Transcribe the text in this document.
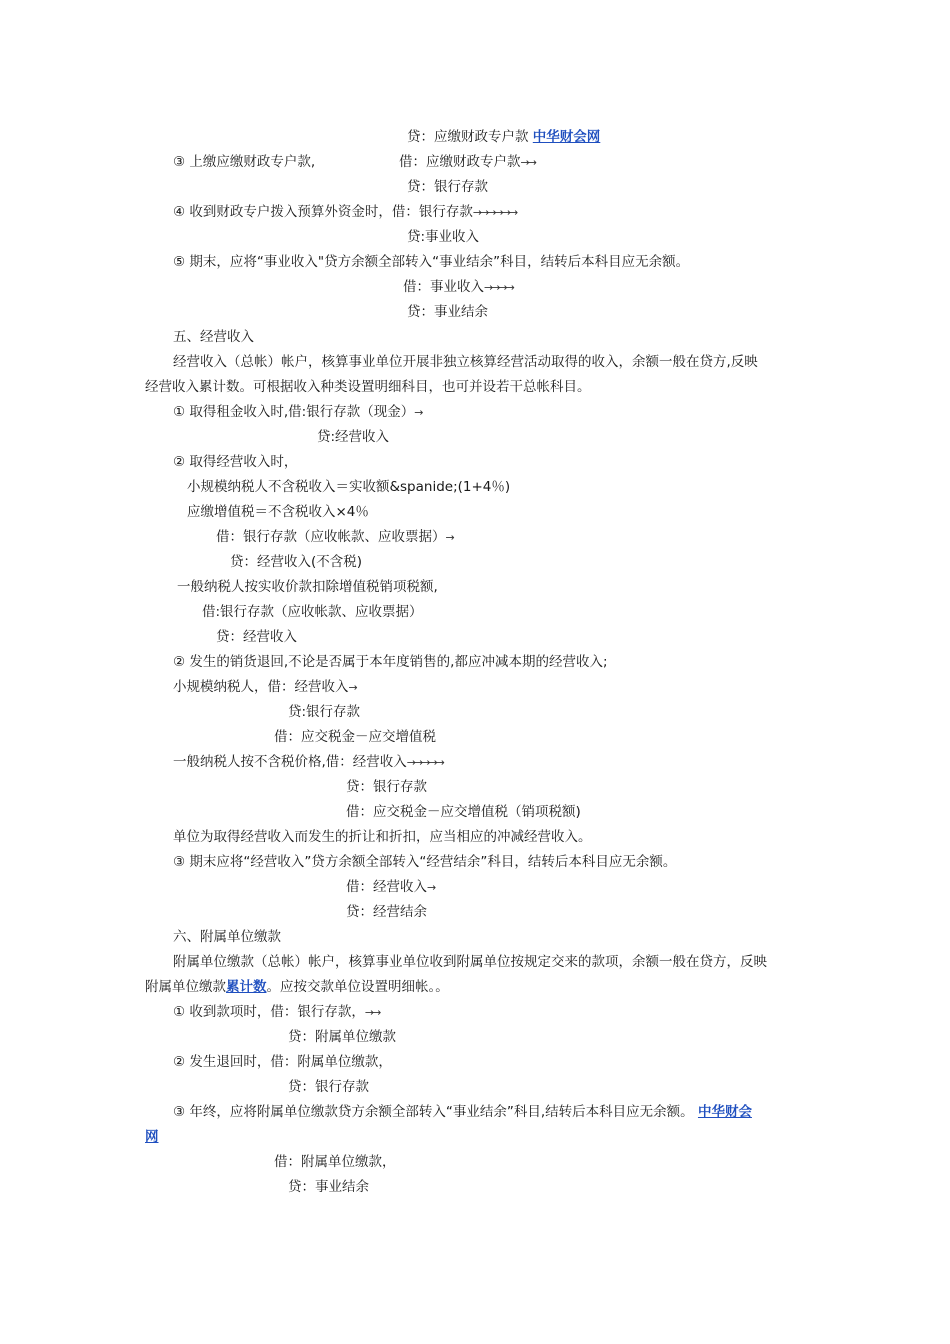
贷：应缴财政专户款 中华财会网
③ 上缴应缴财政专户款,	借：应缴财政专户款→→
贷：银行存款
④ 收到财政专户拨入预算外资金时，借：银行存款→→→→→→
贷:事业收入
⑤ 期末，应将“事业收入"贷方余额全部转入“事业结余”科目，结转后本科目应无余额。
借：事业收入→→→→
贷：事业结余
五、经营收入
经营收入（总帐）帐户，核算事业单位开展非独立核算经营活动取得的收入，余额一般在贷方,反映
经营收入累计数。可根据收入种类设置明细科目，也可并设若干总帐科目。
① 取得租金收入时,借:银行存款（现金）→
贷:经营收入
② 取得经营收入时，
小规模纳税人不含税收入＝实收额&spanide;(1+4％)
应缴增值税＝不含税收入×4％
借：银行存款（应收帐款、应收票据）→
贷：经营收入(不含税)
一般纳税人按实收价款扣除增值税销项税额,
借:银行存款（应收帐款、应收票据）
贷：经营收入
② 发生的销货退回,不论是否属于本年度销售的,都应冲减本期的经营收入;
小规模纳税人，借：经营收入→
贷:银行存款
借：应交税金－应交增值税
一般纳税人按不含税价格,借：经营收入→→→→→
贷：银行存款
借：应交税金－应交增值税（销项税额)
单位为取得经营收入而发生的折让和折扣，应当相应的冲减经营收入。
③ 期末应将“经营收入”贷方余额全部转入“经营结余”科目，结转后本科目应无余额。
借：经营收入→
贷：经营结余
六、附属单位缴款
附属单位缴款（总帐）帐户，核算事业单位收到附属单位按规定交来的款项，余额一般在贷方，反映
附属单位缴款累计数。应按交款单位设置明细帐。。
① 收到款项时，借：银行存款，→→
贷：附属单位缴款
② 发生退回时，借：附属单位缴款，
贷：银行存款
③ 年终，应将附属单位缴款贷方余额全部转入“事业结余”科目,结转后本科目应无余额。 中华财会
网
借：附属单位缴款，
贷：事业结余
